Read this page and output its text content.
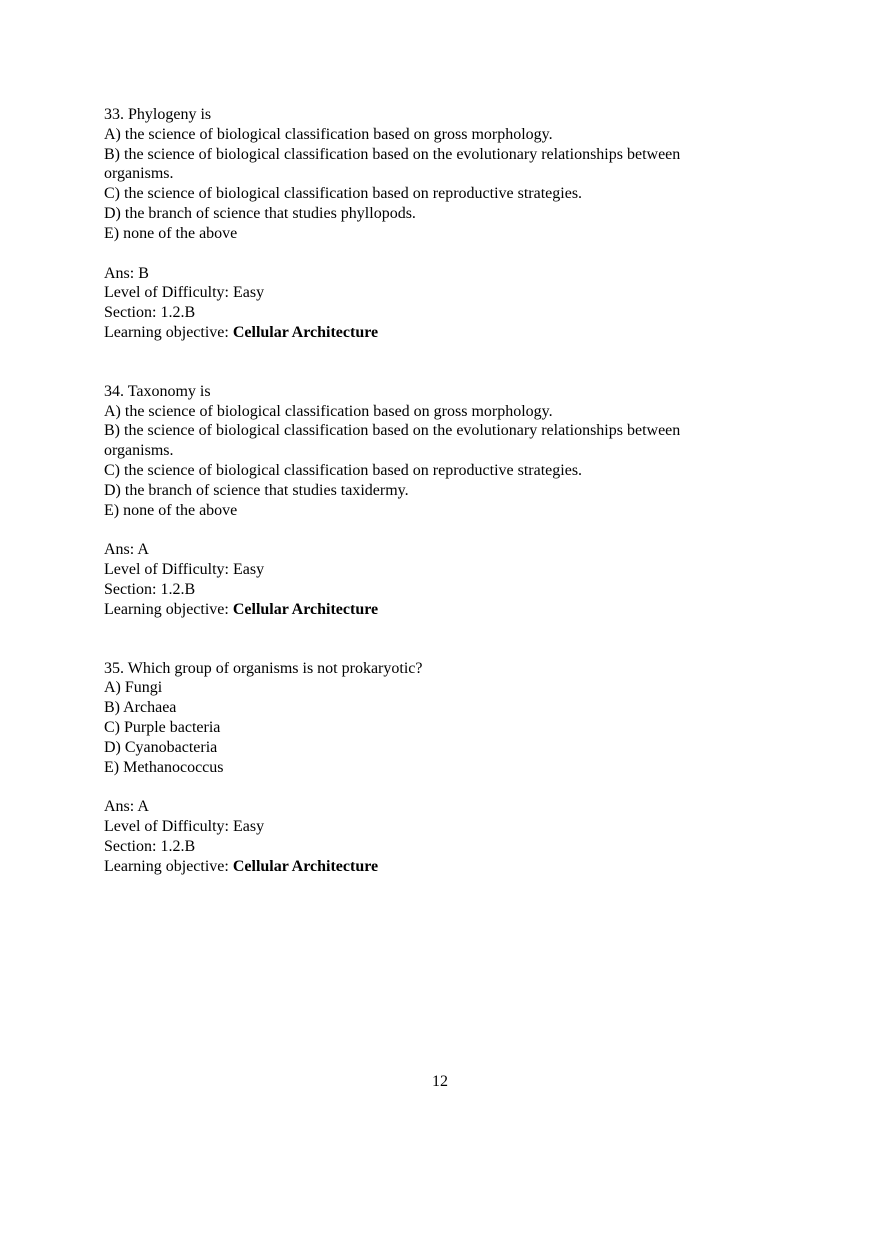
33. Phylogeny is
A) the science of biological classification based on gross morphology.
B) the science of biological classification based on the evolutionary relationships between organisms.
C) the science of biological classification based on reproductive strategies.
D) the branch of science that studies phyllopods.
E) none of the above
Ans: B
Level of Difficulty: Easy
Section: 1.2.B
Learning objective: Cellular Architecture
34. Taxonomy is
A) the science of biological classification based on gross morphology.
B) the science of biological classification based on the evolutionary relationships between organisms.
C) the science of biological classification based on reproductive strategies.
D) the branch of science that studies taxidermy.
E) none of the above
Ans: A
Level of Difficulty: Easy
Section: 1.2.B
Learning objective: Cellular Architecture
35. Which group of organisms is not prokaryotic?
A) Fungi
B) Archaea
C) Purple bacteria
D) Cyanobacteria
E) Methanococcus
Ans: A
Level of Difficulty: Easy
Section: 1.2.B
Learning objective: Cellular Architecture
12
